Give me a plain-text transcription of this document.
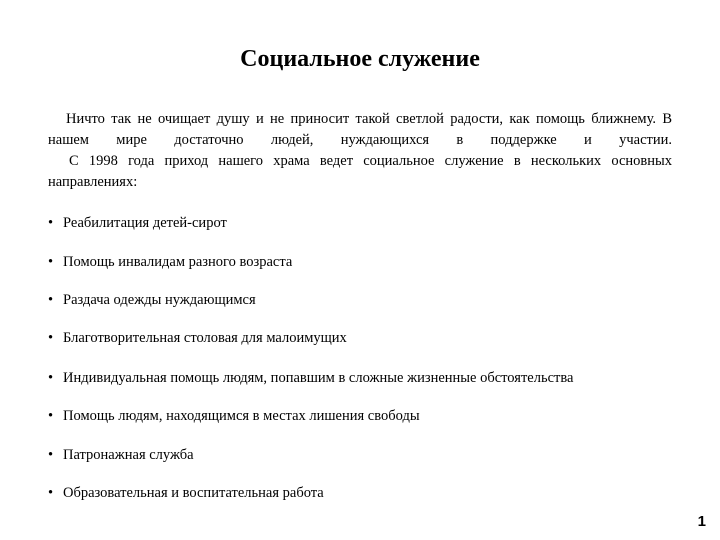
Социальное служение

Ничто так не очищает душу и не приносит такой светлой радости, как помощь ближнему. В нашем мире достаточно людей, нуждающихся в поддержке и участии.

С 1998 года приход нашего храма ведет социальное служение в нескольких основных направлениях:

• Реабилитация детей-сирот
• Помощь инвалидам разного возраста
• Раздача одежды нуждающимся
• Благотворительная столовая для малоимущих
• Индивидуальная помощь людям, попавшим в сложные жизненные обстоятельства
• Помощь людям, находящимся в местах лишения свободы
• Патронажная служба
• Образовательная и воспитательная работа
1
